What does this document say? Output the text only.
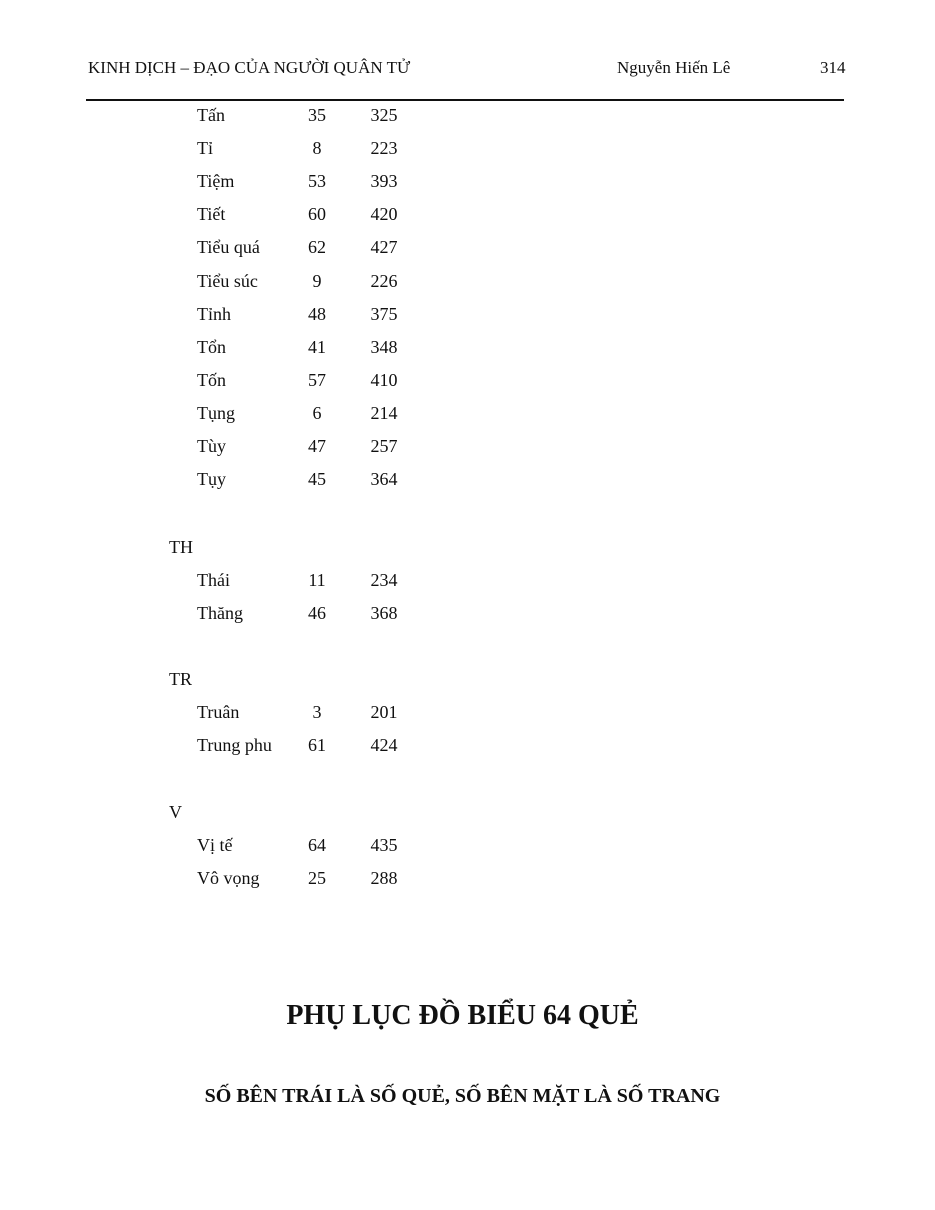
KINH DỊCH – ĐẠO CỦA NGƯỜI QUÂN TỬ	Nguyễn Hiến Lê	314
Tấn	35	325
Tỉ	8	223
Tiệm	53	393
Tiết	60	420
Tiểu quá	62	427
Tiểu súc	9	226
Tỉnh	48	375
Tổn	41	348
Tốn	57	410
Tụng	6	214
Tùy	47	257
Tụy	45	364
TH
Thái	11	234
Thăng	46	368
TR
Truân	3	201
Trung phu	61	424
V
Vị tế	64	435
Vô vọng	25	288
PHỤ LỤC ĐỒ BIỂU 64 QUẺ
SỐ BÊN TRÁI LÀ SỐ QUẺ, SỐ BÊN MẶT LÀ SỐ TRANG
